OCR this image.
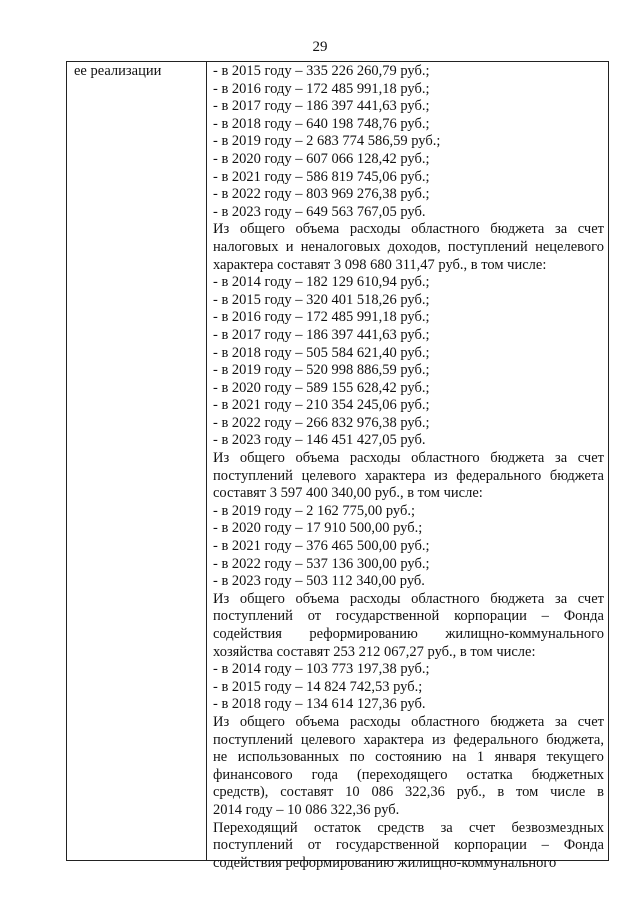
29
ее реализации	- в 2015 году – 335 226 260,79 руб.;
- в 2016 году – 172 485 991,18 руб.;
- в 2017 году – 186 397 441,63 руб.;
- в 2018 году – 640 198 748,76 руб.;
- в 2019 году – 2 683 774 586,59 руб.;
- в 2020 году – 607 066 128,42 руб.;
- в 2021 году – 586 819 745,06 руб.;
- в 2022 году – 803 969 276,38 руб.;
- в 2023 году – 649 563 767,05 руб.
Из общего объема расходы областного бюджета за счет
налоговых и неналоговых доходов, поступлений нецелевого
характера составят 3 098 680 311,47 руб., в том числе:
- в 2014 году – 182 129 610,94 руб.;
- в 2015 году – 320 401 518,26 руб.;
- в 2016 году – 172 485 991,18 руб.;
- в 2017 году – 186 397 441,63 руб.;
- в 2018 году – 505 584 621,40 руб.;
- в 2019 году – 520 998 886,59 руб.;
- в 2020 году – 589 155 628,42 руб.;
- в 2021 году – 210 354 245,06 руб.;
- в 2022 году – 266 832 976,38 руб.;
- в 2023 году – 146 451 427,05 руб.
Из общего объема расходы областного бюджета за счет
поступлений целевого характера из федерального бюджета
составят 3 597 400 340,00 руб., в том числе:
- в 2019 году – 2 162 775,00 руб.;
- в 2020 году – 17 910 500,00 руб.;
- в 2021 году – 376 465 500,00 руб.;
- в 2022 году – 537 136 300,00 руб.;
- в 2023 году – 503 112 340,00 руб.
Из общего объема расходы областного бюджета за счет
поступлений от государственной корпорации – Фонда
содействия реформированию жилищно-коммунального
хозяйства составят 253 212 067,27 руб., в том числе:
- в 2014 году – 103 773 197,38 руб.;
- в 2015 году – 14 824 742,53 руб.;
- в 2018 году – 134 614 127,36 руб.
Из общего объема расходы областного бюджета за счет
поступлений целевого характера из федерального бюджета,
не использованных по состоянию на 1 января текущего
финансового года (переходящего остатка бюджетных
средств), составят 10 086 322,36 руб., в том числе в
2014 году – 10 086 322,36 руб.
Переходящий остаток средств за счет безвозмездных
поступлений от государственной корпорации – Фонда
содействия реформированию жилищно-коммунального
